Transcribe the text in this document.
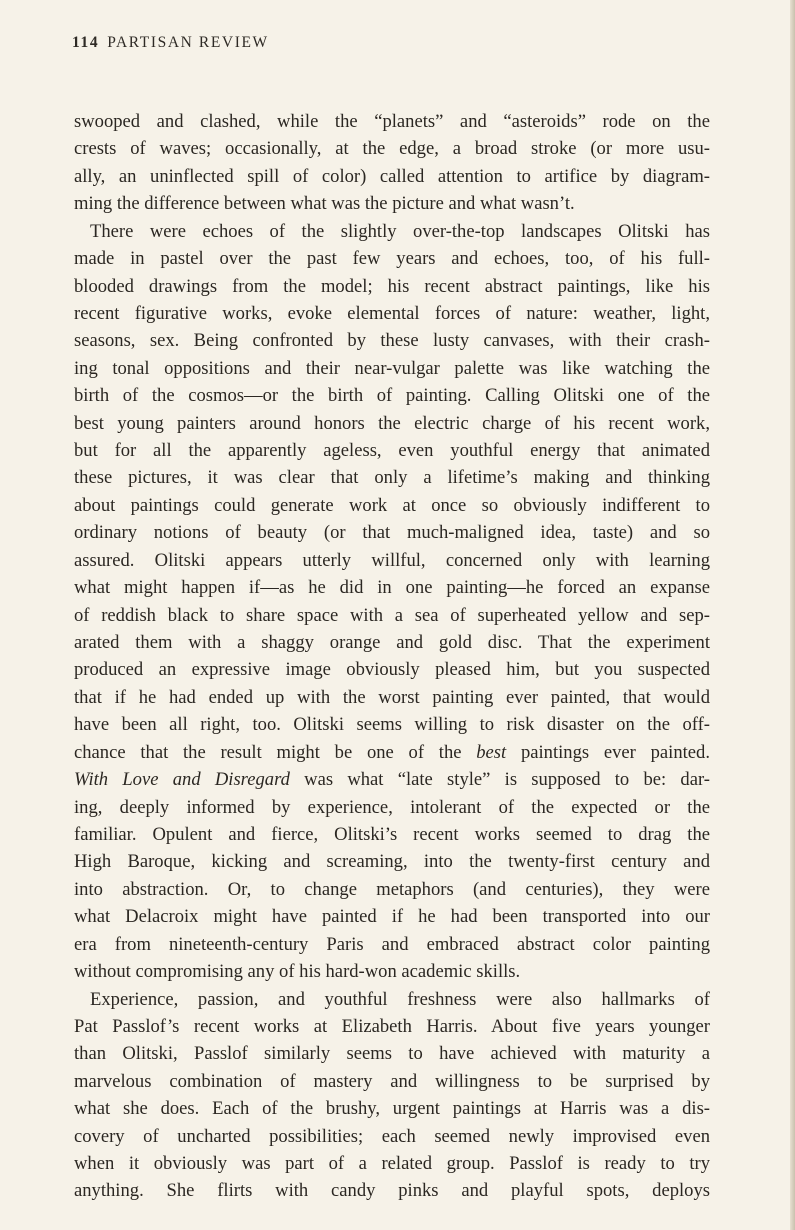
114 PARTISAN REVIEW
swooped and clashed, while the “planets” and “asteroids” rode on the
crests of waves; occasionally, at the edge, a broad stroke (or more usu-
ally, an uninflected spill of color) called attention to artifice by diagram-
ming the difference between what was the picture and what wasn’t.
There were echoes of the slightly over-the-top landscapes Olitski has
made in pastel over the past few years and echoes, too, of his full-
blooded drawings from the model; his recent abstract paintings, like his
recent figurative works, evoke elemental forces of nature: weather, light,
seasons, sex. Being confronted by these lusty canvases, with their crash-
ing tonal oppositions and their near-vulgar palette was like watching the
birth of the cosmos—or the birth of painting. Calling Olitski one of the
best young painters around honors the electric charge of his recent work,
but for all the apparently ageless, even youthful energy that animated
these pictures, it was clear that only a lifetime’s making and thinking
about paintings could generate work at once so obviously indifferent to
ordinary notions of beauty (or that much-maligned idea, taste) and so
assured. Olitski appears utterly willful, concerned only with learning
what might happen if—as he did in one painting—he forced an expanse
of reddish black to share space with a sea of superheated yellow and sep-
arated them with a shaggy orange and gold disc. That the experiment
produced an expressive image obviously pleased him, but you suspected
that if he had ended up with the worst painting ever painted, that would
have been all right, too. Olitski seems willing to risk disaster on the off-
chance that the result might be one of the best paintings ever painted.
With Love and Disregard was what “late style” is supposed to be: dar-
ing, deeply informed by experience, intolerant of the expected or the
familiar. Opulent and fierce, Olitski’s recent works seemed to drag the
High Baroque, kicking and screaming, into the twenty-first century and
into abstraction. Or, to change metaphors (and centuries), they were
what Delacroix might have painted if he had been transported into our
era from nineteenth-century Paris and embraced abstract color painting
without compromising any of his hard-won academic skills.
Experience, passion, and youthful freshness were also hallmarks of
Pat Passlof’s recent works at Elizabeth Harris. About five years younger
than Olitski, Passlof similarly seems to have achieved with maturity a
marvelous combination of mastery and willingness to be surprised by
what she does. Each of the brushy, urgent paintings at Harris was a dis-
covery of uncharted possibilities; each seemed newly improvised even
when it obviously was part of a related group. Passlof is ready to try
anything. She flirts with candy pinks and playful spots, deploys
